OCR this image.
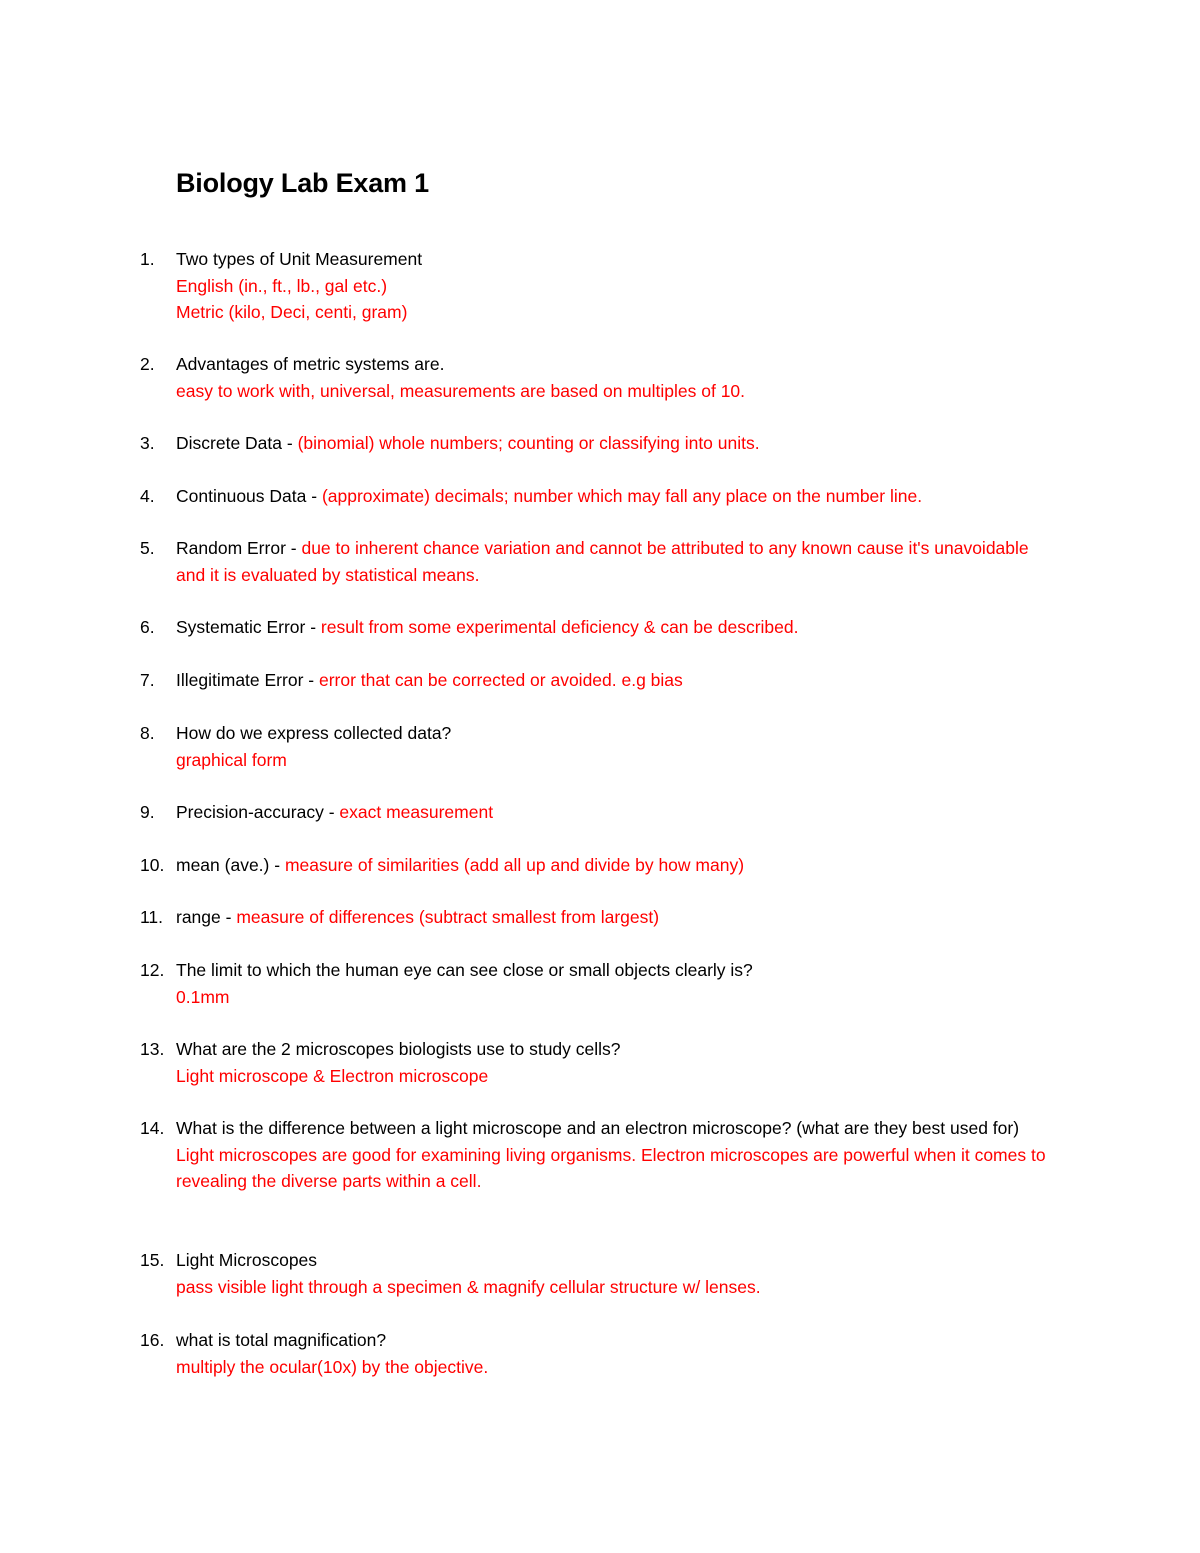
Biology Lab Exam 1
1.	Two types of Unit Measurement
English (in., ft., lb., gal etc.)
Metric (kilo, Deci, centi, gram)
2.	Advantages of metric systems are.
easy to work with, universal, measurements are based on multiples of 10.
3.	Discrete Data - (binomial) whole numbers; counting or classifying into units.
4.	Continuous Data - (approximate) decimals; number which may fall any place on the number line.
5.	Random Error - due to inherent chance variation and cannot be attributed to any known cause it's unavoidable and it is evaluated by statistical means.
6.	Systematic Error - result from some experimental deficiency & can be described.
7.	Illegitimate Error - error that can be corrected or avoided. e.g bias
8.	How do we express collected data?
graphical form
9.	Precision-accuracy - exact measurement
10. mean (ave.) - measure of similarities (add all up and divide by how many)
11. range - measure of differences (subtract smallest from largest)
12. The limit to which the human eye can see close or small objects clearly is?
0.1mm
13. What are the 2 microscopes biologists use to study cells?
Light microscope & Electron microscope
14. What is the difference between a light microscope and an electron microscope? (what are they best used for)
Light microscopes are good for examining living organisms. Electron microscopes are powerful when it comes to revealing the diverse parts within a cell.
15. Light Microscopes
pass visible light through a specimen & magnify cellular structure w/ lenses.
16. what is total magnification?
multiply the ocular(10x) by the objective.
